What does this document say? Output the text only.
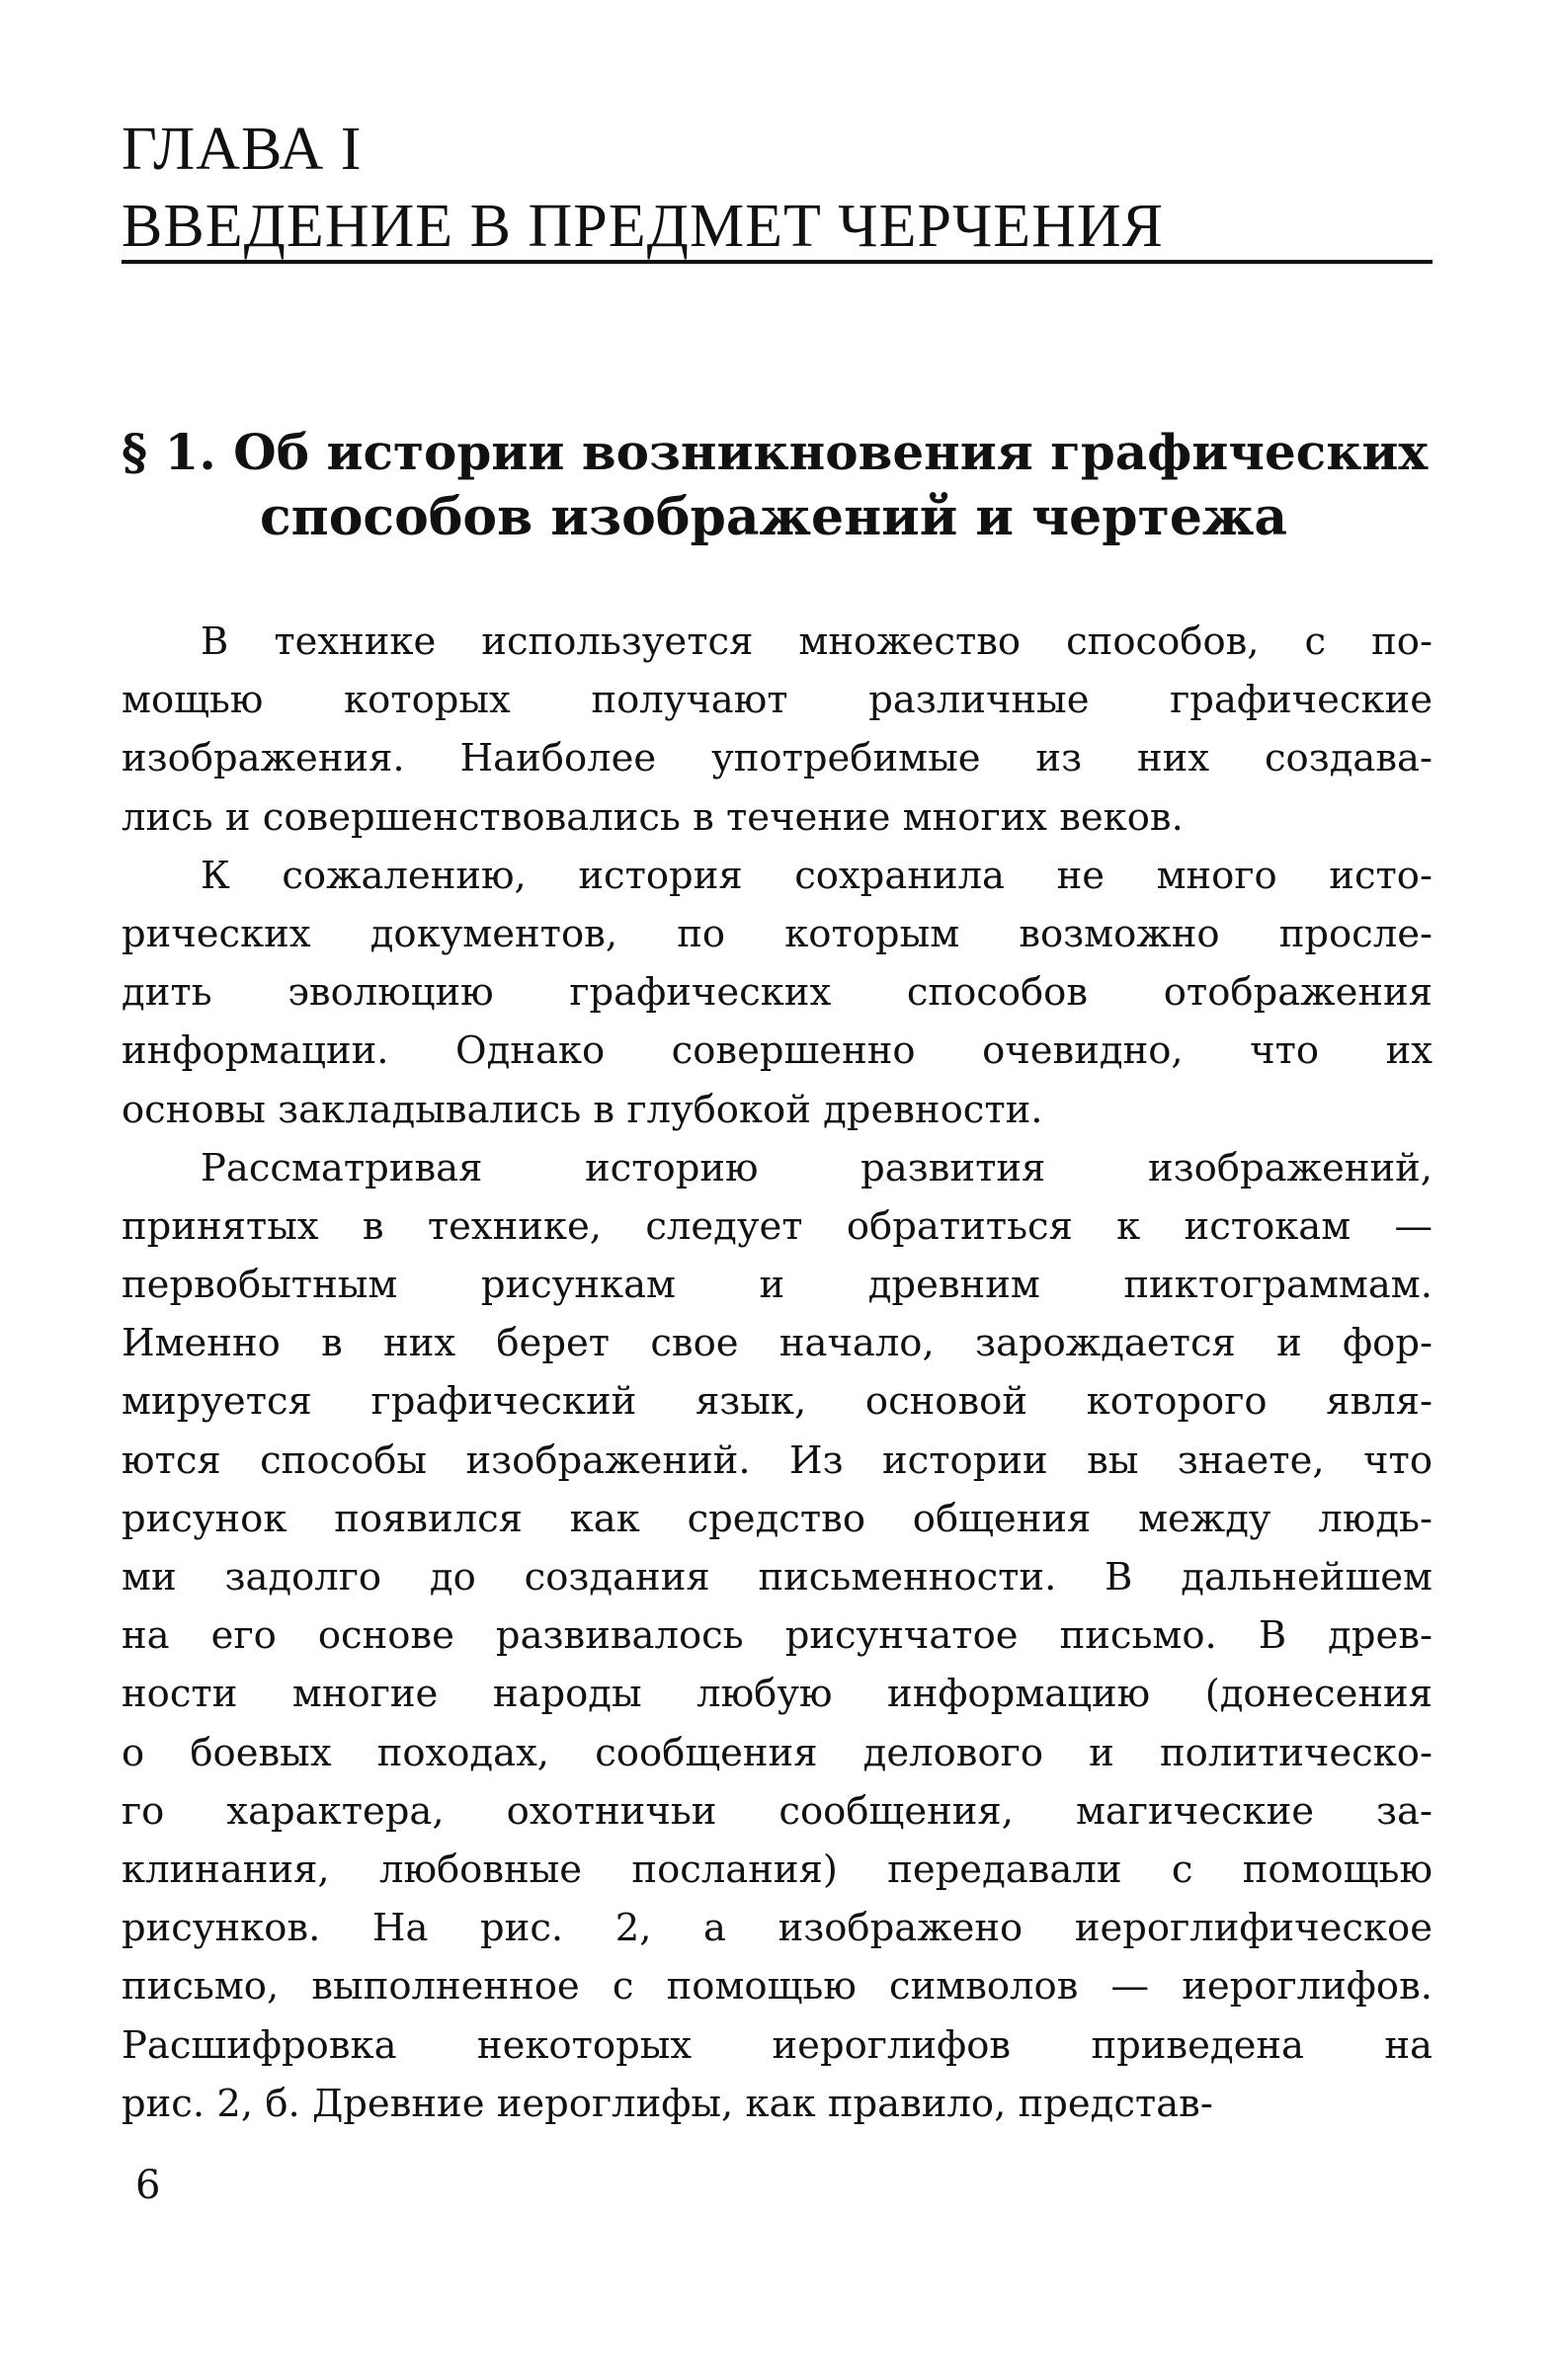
ГЛАВА I
ВВЕДЕНИЕ В ПРЕДМЕТ ЧЕРЧЕНИЯ
§ 1. Об истории возникновения графических
способов изображений и чертежа
В технике используется множество способов, с по-
мощью которых получают различные графические
изображения. Наиболее употребимые из них создава-
лись и совершенствовались в течение многих веков.
К сожалению, история сохранила не много исто-
рических документов, по которым возможно просле-
дить эволюцию графических способов отображения
информации. Однако совершенно очевидно, что их
основы закладывались в глубокой древности.
Рассматривая историю развития изображений,
принятых в технике, следует обратиться к истокам —
первобытным рисункам и древним пиктограммам.
Именно в них берет свое начало, зарождается и фор-
мируется графический язык, основой которого явля-
ются способы изображений. Из истории вы знаете, что
рисунок появился как средство общения между людь-
ми задолго до создания письменности. В дальнейшем
на его основе развивалось рисунчатое письмо. В древ-
ности многие народы любую информацию (донесения
о боевых походах, сообщения делового и политическо-
го характера, охотничьи сообщения, магические за-
клинания, любовные послания) передавали с помощью
рисунков. На рис. 2, а изображено иероглифическое
письмо, выполненное с помощью символов — иероглифов.
Расшифровка некоторых иероглифов приведена на
рис. 2, б. Древние иероглифы, как правило, представ-
6
